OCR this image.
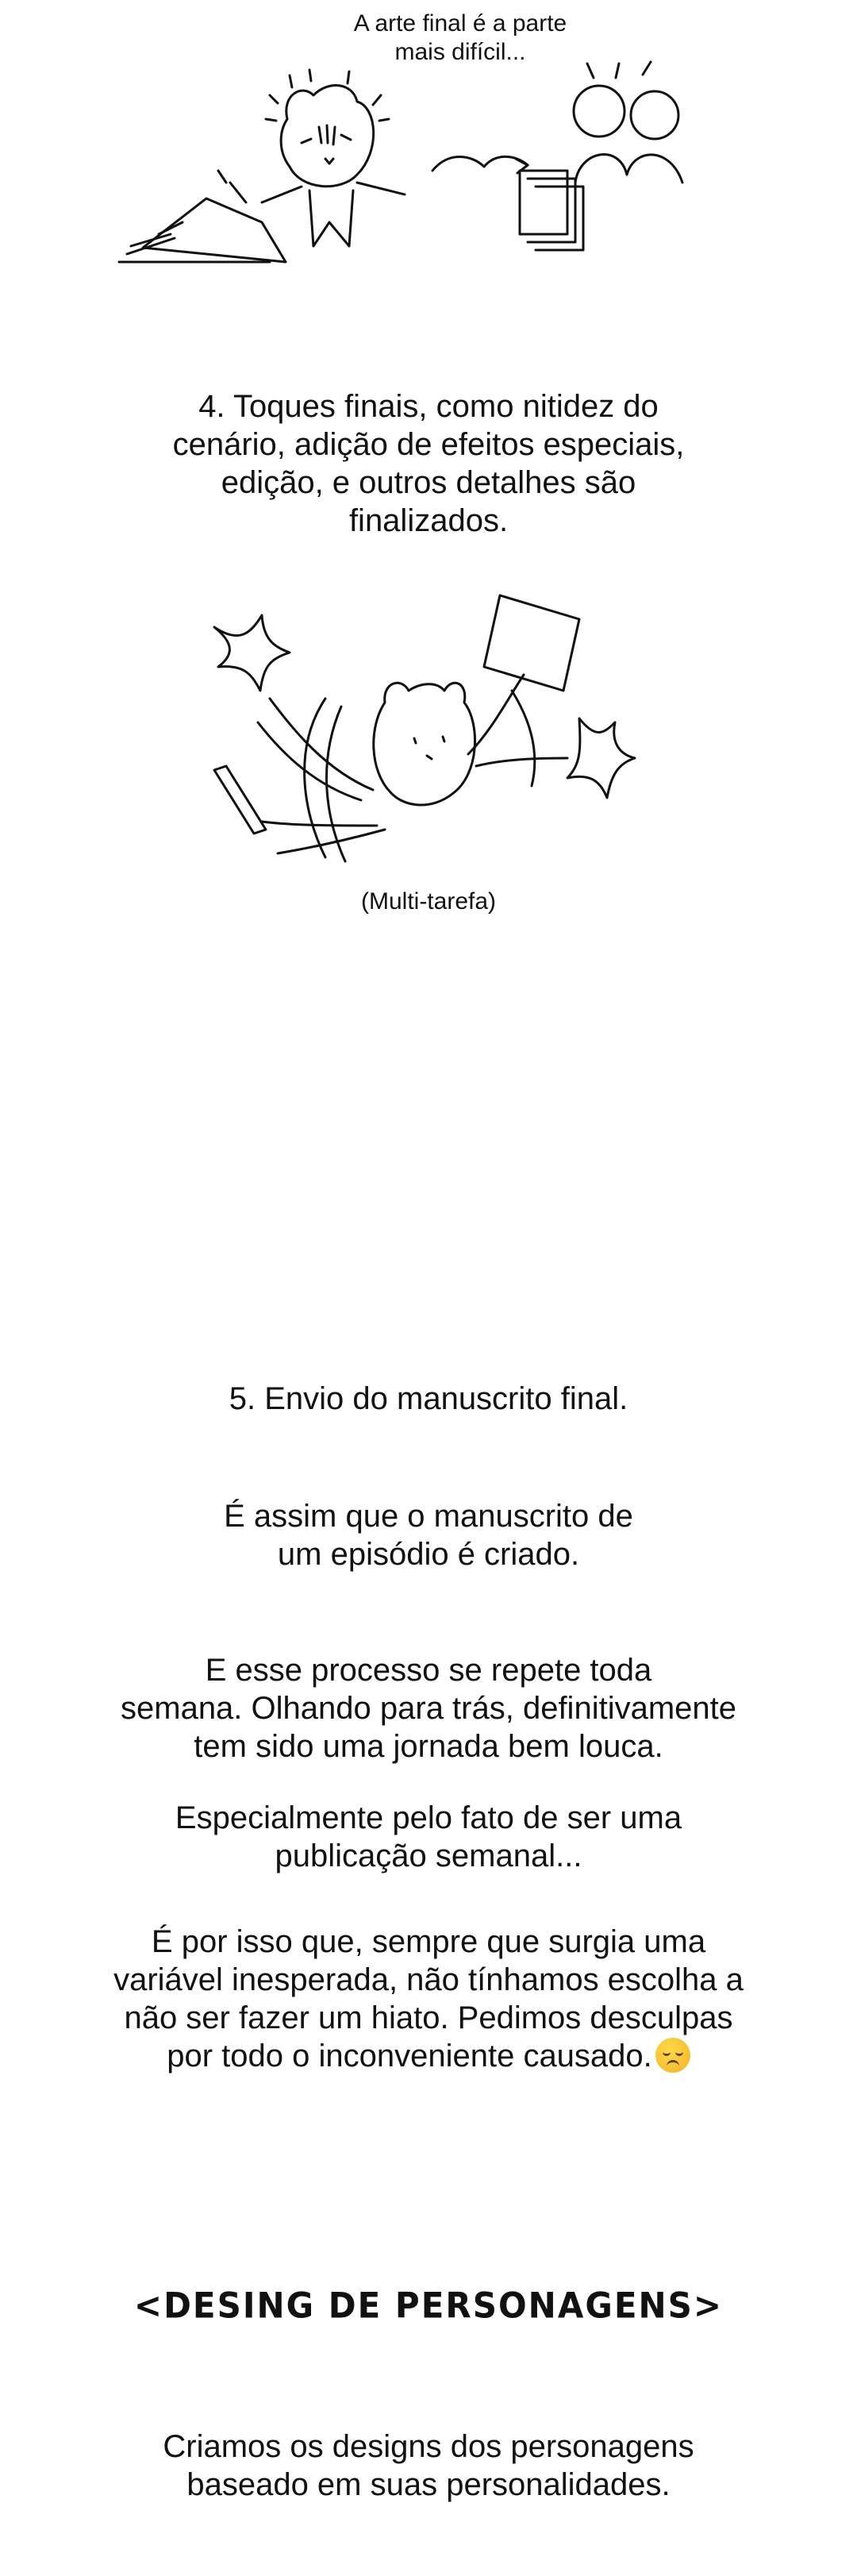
A arte final é a parte
mais difícil...
4. Toques finais, como nitidez do
cenário, adição de efeitos especiais,
edição, e outros detalhes são
finalizados.
(Multi-tarefa)
5. Envio do manuscrito final.
É assim que o manuscrito de
um episódio é criado.
E esse processo se repete toda
semana. Olhando para trás, definitivamente
tem sido uma jornada bem louca.
Especialmente pelo fato de ser uma
publicação semanal...
É por isso que, sempre que surgia uma
variável inesperada, não tínhamos escolha a
não ser fazer um hiato. Pedimos desculpas
por todo o inconveniente causado.
<DESING DE PERSONAGENS>
Criamos os designs dos personagens
baseado em suas personalidades.
